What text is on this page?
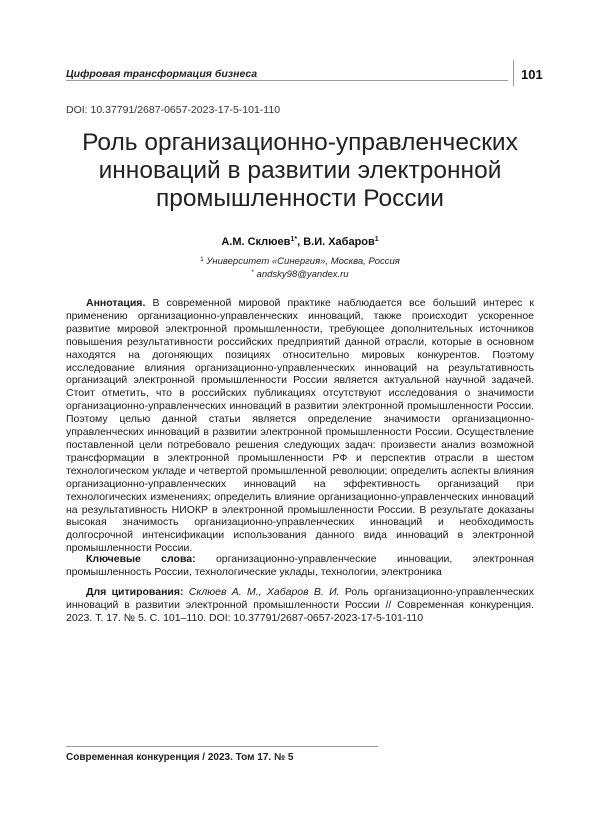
Цифровая трансформация бизнеса	101
DOI: 10.37791/2687-0657-2023-17-5-101-110
Роль организационно-управленческих инноваций в развитии электронной промышленности России
А.М. Склюев$^{1*}$, В.И. Хабаров$^1$
$^1$ Университет «Синергия», Москва, Россия
* andsky98@yandex.ru
Аннотация. В современной мировой практике наблюдается все больший интерес к применению организационно-управленческих инноваций, также происходит ускоренное развитие мировой электронной промышленности, требующее дополнительных источников повышения результативности российских предприятий данной отрасли, которые в основном находятся на догоняющих позициях относительно мировых конкурентов. Поэтому исследование влияния организационно-управленческих инноваций на результативность организаций электронной промышленности России является актуальной научной задачей. Стоит отметить, что в российских публикациях отсутствуют исследования о значимости организационно-управленческих инноваций в развитии электронной промышленности России. Поэтому целью данной статьи является определение значимости организационно-управленческих инноваций в развитии электронной промышленности России. Осуществление поставленной цели потребовало решения следующих задач: произвести анализ возможной трансформации в электронной промышленности РФ и перспектив отрасли в шестом технологическом укладе и четвертой промышленной революции; определить аспекты влияния организационно-управленческих инноваций на эффективность организаций при технологических изменениях; определить влияние организационно-управленческих инноваций на результативность НИОКР в электронной промышленности России. В результате доказаны высокая значимость организационно-управленческих инноваций и необходимость долгосрочной интенсификации использования данного вида инноваций в электронной промышленности России.
Ключевые слова: организационно-управленческие инновации, электронная промышленность России, технологические уклады, технологии, электроника
Для цитирования: Склюев А. М., Хабаров В. И. Роль организационно-управленческих инноваций в развитии электронной промышленности России // Современная конкуренция. 2023. Т. 17. № 5. С. 101–110. DOI: 10.37791/2687-0657-2023-17-5-101-110
Современная конкуренция / 2023. Том 17. № 5
